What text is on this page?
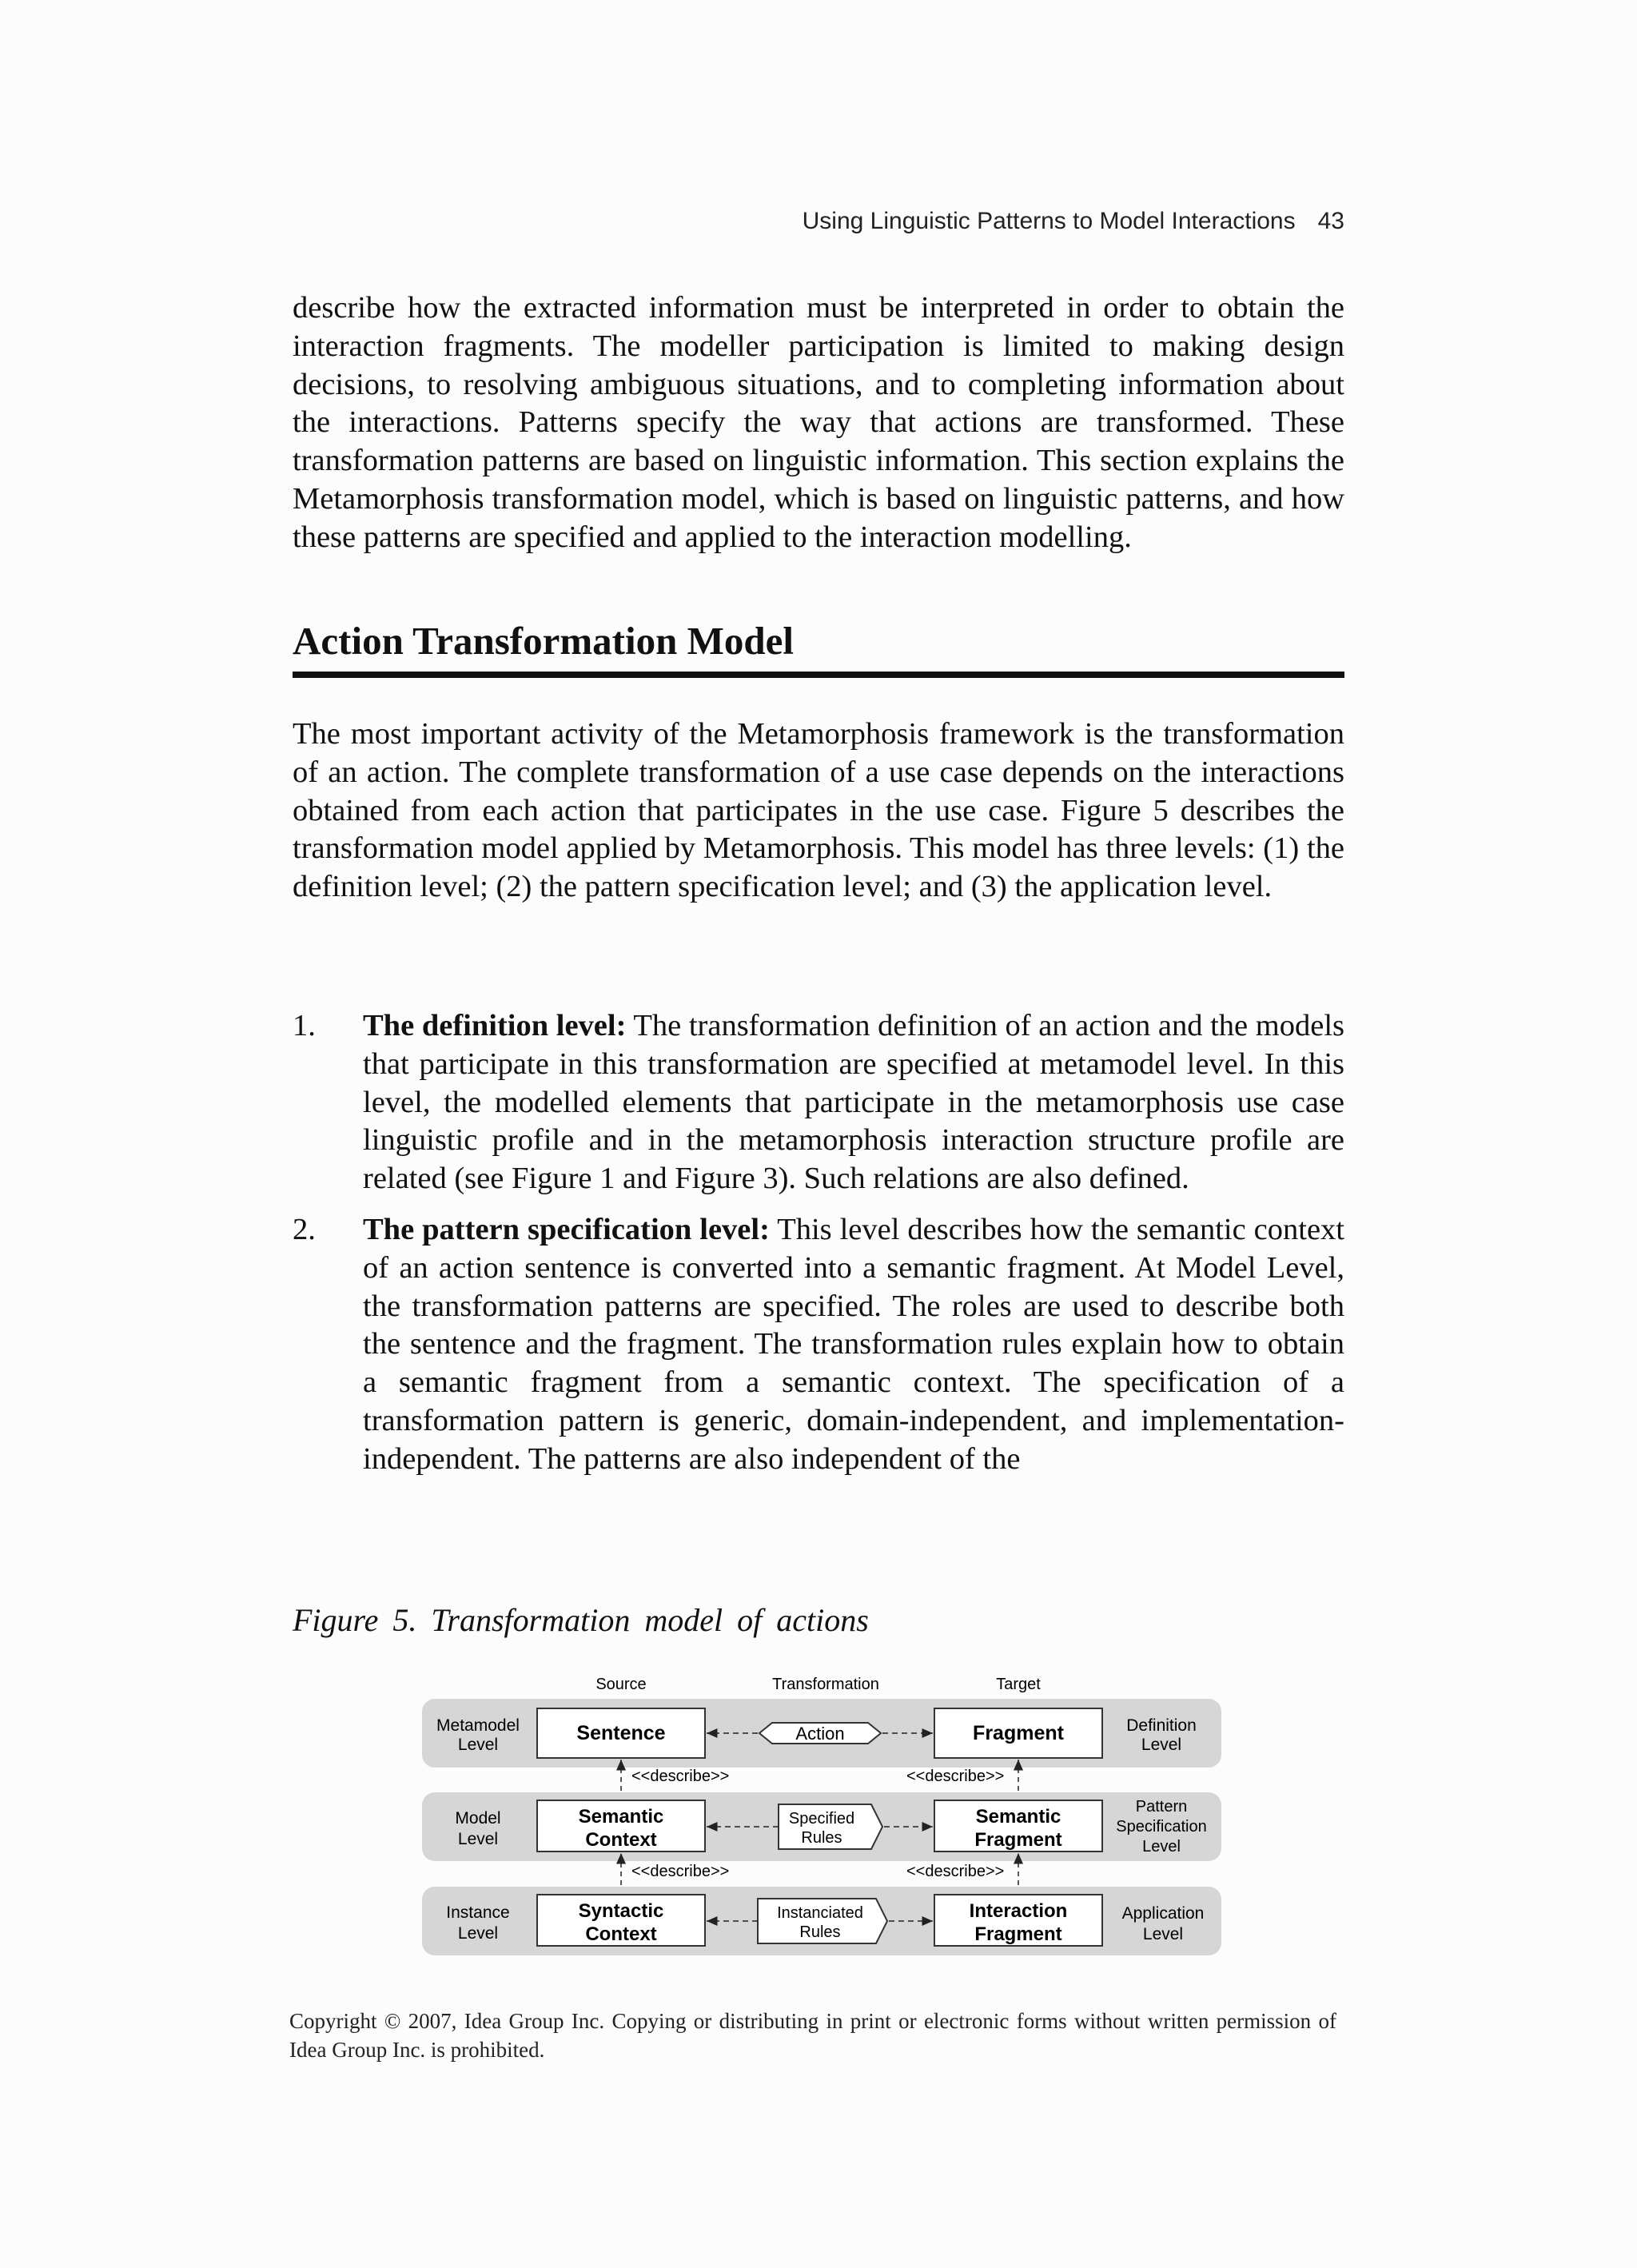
Using Linguistic Patterns to Model Interactions 43

describe how the extracted information must be interpreted in order to obtain the interaction fragments. The modeller participation is limited to making design decisions, to resolving ambiguous situations, and to completing information about the interactions. Patterns specify the way that actions are transformed. These transformation patterns are based on linguistic information. This section explains the Metamorphosis transformation model, which is based on linguistic patterns, and how these patterns are specified and applied to the interaction modelling.

Action Transformation Model

The most important activity of the Metamorphosis framework is the transformation of an action. The complete transformation of a use case depends on the interactions obtained from each action that participates in the use case. Figure 5 describes the transformation model applied by Metamorphosis. This model has three levels: (1) the definition level; (2) the pattern specification level; and (3) the application level.

1. The definition level: The transformation definition of an action and the models that participate in this transformation are specified at metamodel level. In this level, the modelled elements that participate in the metamorphosis use case linguistic profile and in the metamorphosis interaction structure profile are related (see Figure 1 and Figure 3). Such relations are also defined.
2. The pattern specification level: This level describes how the semantic context of an action sentence is converted into a semantic fragment. At Model Level, the transformation patterns are specified. The roles are used to describe both the sentence and the fragment. The transformation rules explain how to obtain a semantic fragment from a semantic context. The specification of a transformation pattern is generic, domain-independent, and implementation-independent. The patterns are also independent of the
Figure 5. Transformation model of actions
Source	Transformation	Target
Metamodel
Level
Sentence	Action	Fragment	Definition
Level
<<describe>>	<<describe>>
Model
Level
Semantic
Context
Specified
Rules
Semantic
Fragment
Pattern
Specification
Level
<<describe>>	<<describe>>
Instance
Level
Syntactic
Context
Instanciated
Rules
Interaction
Fragment
Application
Level
Copyright © 2007, Idea Group Inc. Copying or distributing in print or electronic forms without written permission of Idea Group Inc. is prohibited.
